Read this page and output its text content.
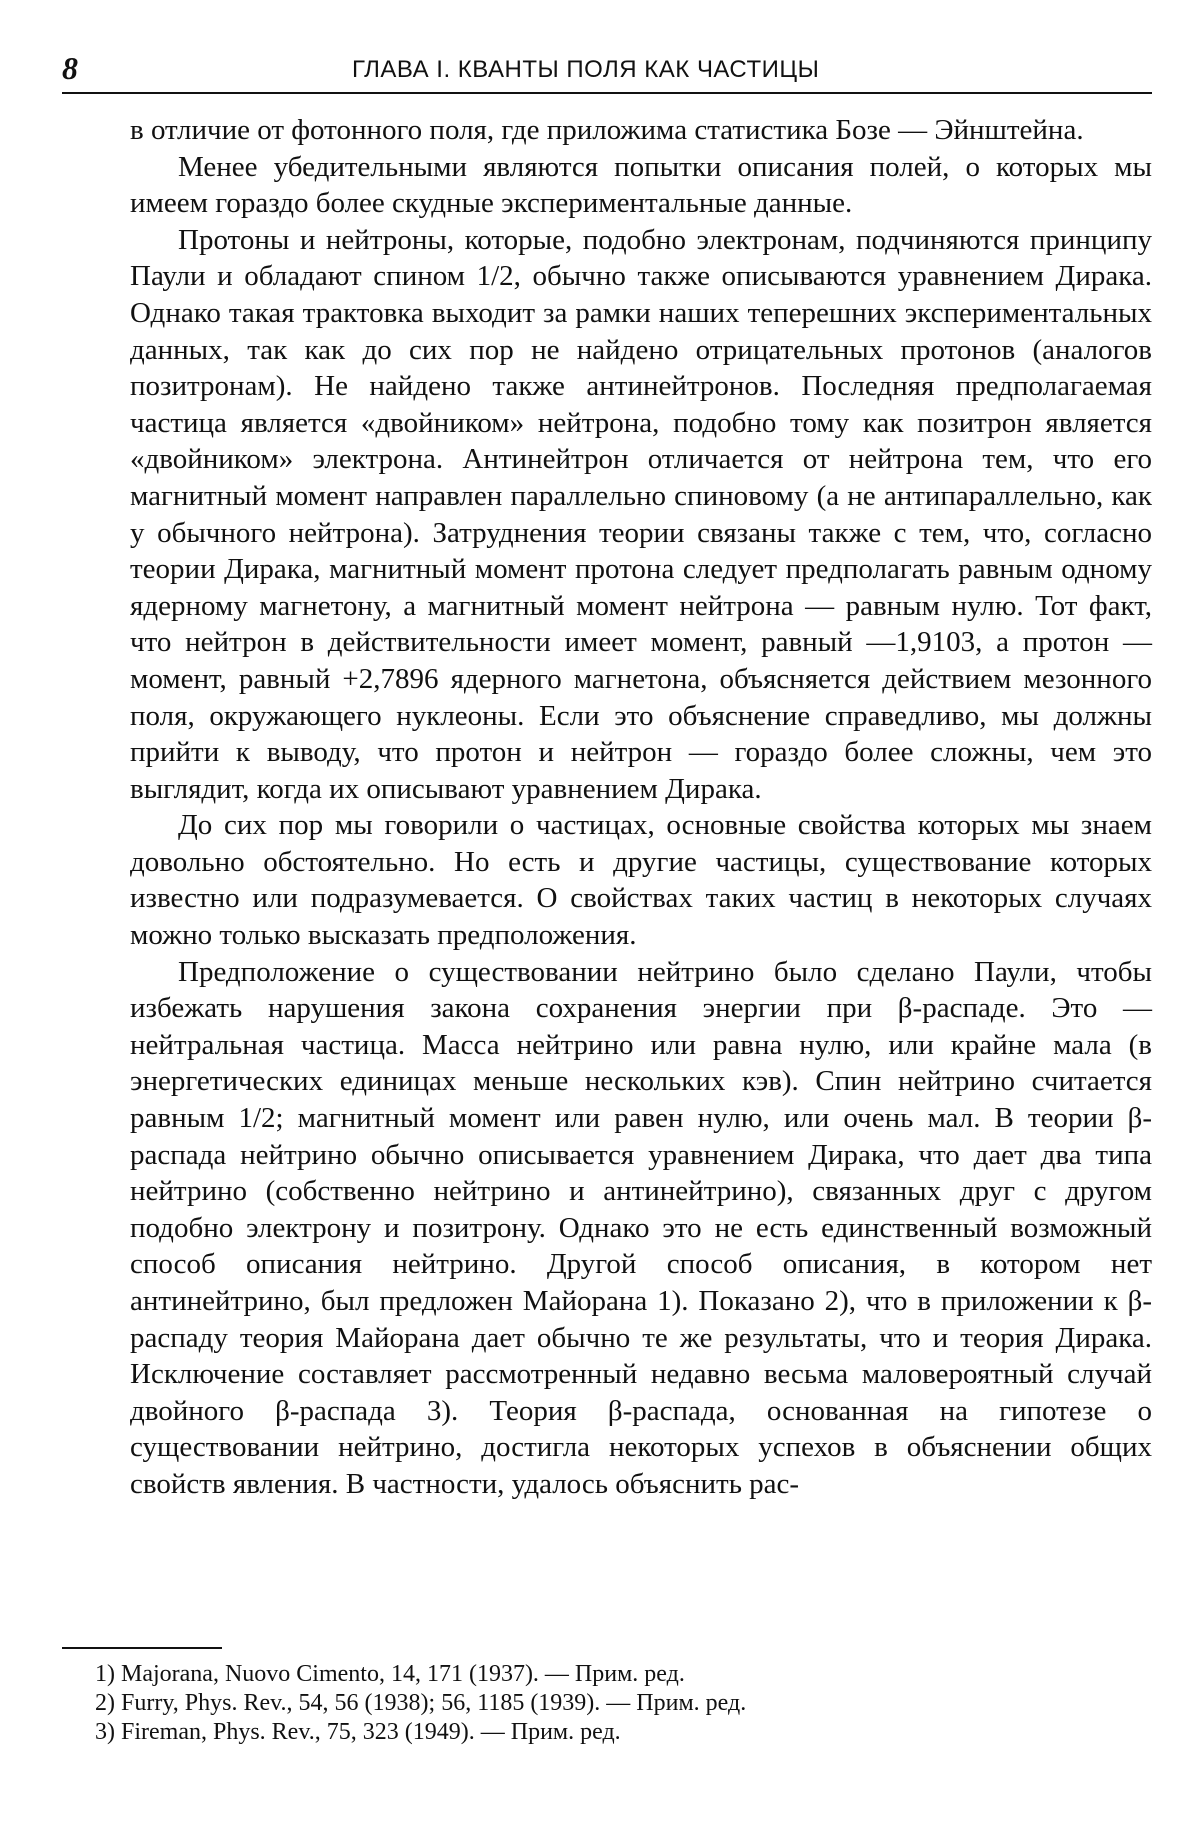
8	ГЛАВА I. КВАНТЫ ПОЛЯ КАК ЧАСТИЦЫ

в отличие от фотонного поля, где приложима статистика Бозе — Эйнштейна.

Менее убедительными являются попытки описания полей, о которых мы имеем гораздо более скудные экспериментальные данные.

Протоны и нейтроны, которые, подобно электронам, подчиняются принципу Паули и обладают спином 1/2, обычно также описываются уравнением Дирака. Однако такая трактовка выходит за рамки наших теперешних экспериментальных данных, так как до сих пор не найдено отрицательных протонов (аналогов позитронам). Не найдено также антинейтронов. Последняя предполагаемая частица является «двойником» нейтрона, подобно тому как позитрон является «двойником» электрона. Антинейтрон отличается от нейтрона тем, что его магнитный момент направлен параллельно спиновому (а не антипараллельно, как у обычного нейтрона). Затруднения теории связаны также с тем, что, согласно теории Дирака, магнитный момент протона следует предполагать равным одному ядерному магнетону, а магнитный момент нейтрона — равным нулю. Тот факт, что нейтрон в действительности имеет момент, равный —1,9103, а протон — момент, равный +2,7896 ядерного магнетона, объясняется действием мезонного поля, окружающего нуклеоны. Если это объяснение справедливо, мы должны прийти к выводу, что протон и нейтрон — гораздо более сложны, чем это выглядит, когда их описывают уравнением Дирака.

До сих пор мы говорили о частицах, основные свойства которых мы знаем довольно обстоятельно. Но есть и другие частицы, существование которых известно или подразумевается. О свойствах таких частиц в некоторых случаях можно только высказать предположения.

Предположение о существовании нейтрино было сделано Паули, чтобы избежать нарушения закона сохранения энергии при β-распаде. Это — нейтральная частица. Масса нейтрино или равна нулю, или крайне мала (в энергетических единицах меньше нескольких кэв). Спин нейтрино считается равным 1/2; магнитный момент или равен нулю, или очень мал. В теории β-распада нейтрино обычно описывается уравнением Дирака, что дает два типа нейтрино (собственно нейтрино и антинейтрино), связанных друг с другом подобно электрону и позитрону. Однако это не есть единственный возможный способ описания нейтрино. Другой способ описания, в котором нет антинейтрино, был предложен Майорана 1). Показано 2), что в приложении к β-распаду теория Майорана дает обычно те же результаты, что и теория Дирака. Исключение составляет рассмотренный недавно весьма маловероятный случай двойного β-распада 3). Теория β-распада, основанная на гипотезе о существовании нейтрино, достигла некоторых успехов в объяснении общих свойств явления. В частности, удалось объяснить рас-

1) Majorana, Nuovo Cimento, 14, 171 (1937). — Прим. ред.
2) Furry, Phys. Rev., 54, 56 (1938); 56, 1185 (1939). — Прим. ред.
3) Fireman, Phys. Rev., 75, 323 (1949). — Прим. ред.
